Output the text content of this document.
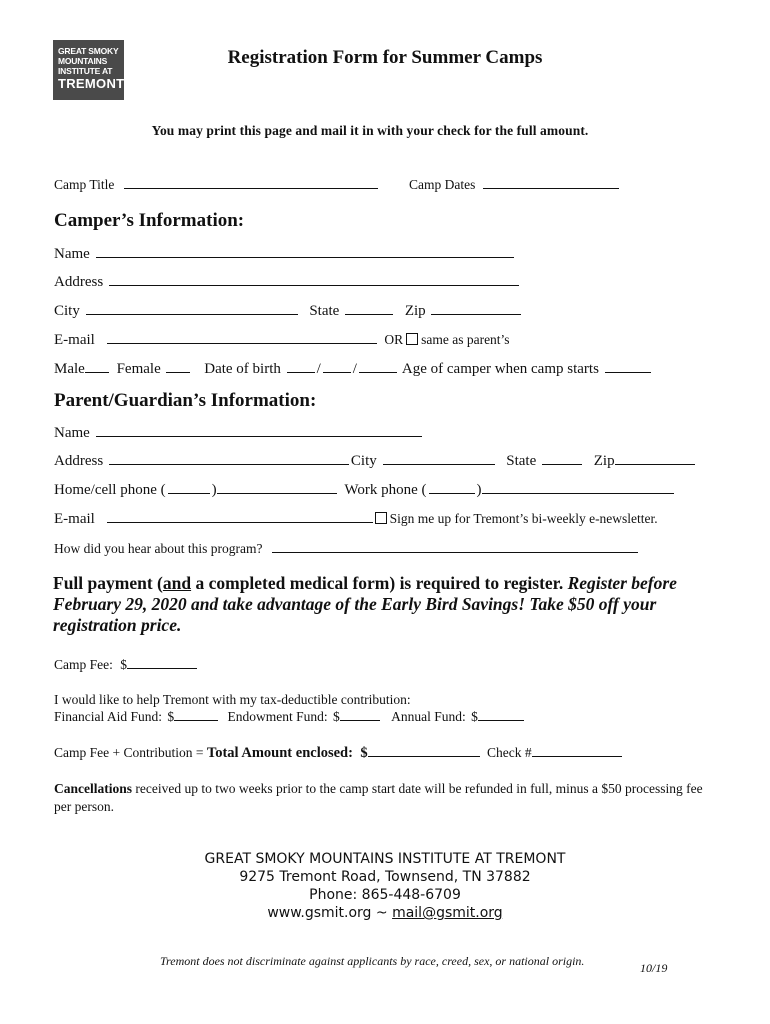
GREAT SMOKY
MOUNTAINS
INSTITUTE AT
TREMONT
Registration Form for Summer Camps
You may print this page and mail it in with your check for the full amount.
Camp Title	Camp Dates
Camper’s Information:
Name
Address
City	State	Zip
E-mail	OR same as parent’s
Male Female	Date of birth / /	Age of camper when camp starts
Parent/Guardian’s Information:
Name
Address	City	State	Zip
Home/cell phone (	)	Work phone (	)
E-mail	Sign me up for Tremont’s bi-weekly e-newsletter.
How did you hear about this program?
Full payment (and a completed medical form) is required to register. Register before February 29, 2020 and take advantage of the Early Bird Savings! Take $50 off your registration price.
Camp Fee: $
I would like to help Tremont with my tax-deductible contribution:
Financial Aid Fund: $	Endowment Fund: $	Annual Fund: $
Camp Fee + Contribution = Total Amount enclosed: $	Check #
Cancellations received up to two weeks prior to the camp start date will be refunded in full, minus a $50 processing fee per person.
GREAT SMOKY MOUNTAINS INSTITUTE AT TREMONT
9275 Tremont Road, Townsend, TN 37882
Phone: 865-448-6709
www.gsmit.org ~ mail@gsmit.org
Tremont does not discriminate against applicants by race, creed, sex, or national origin.	10/19
